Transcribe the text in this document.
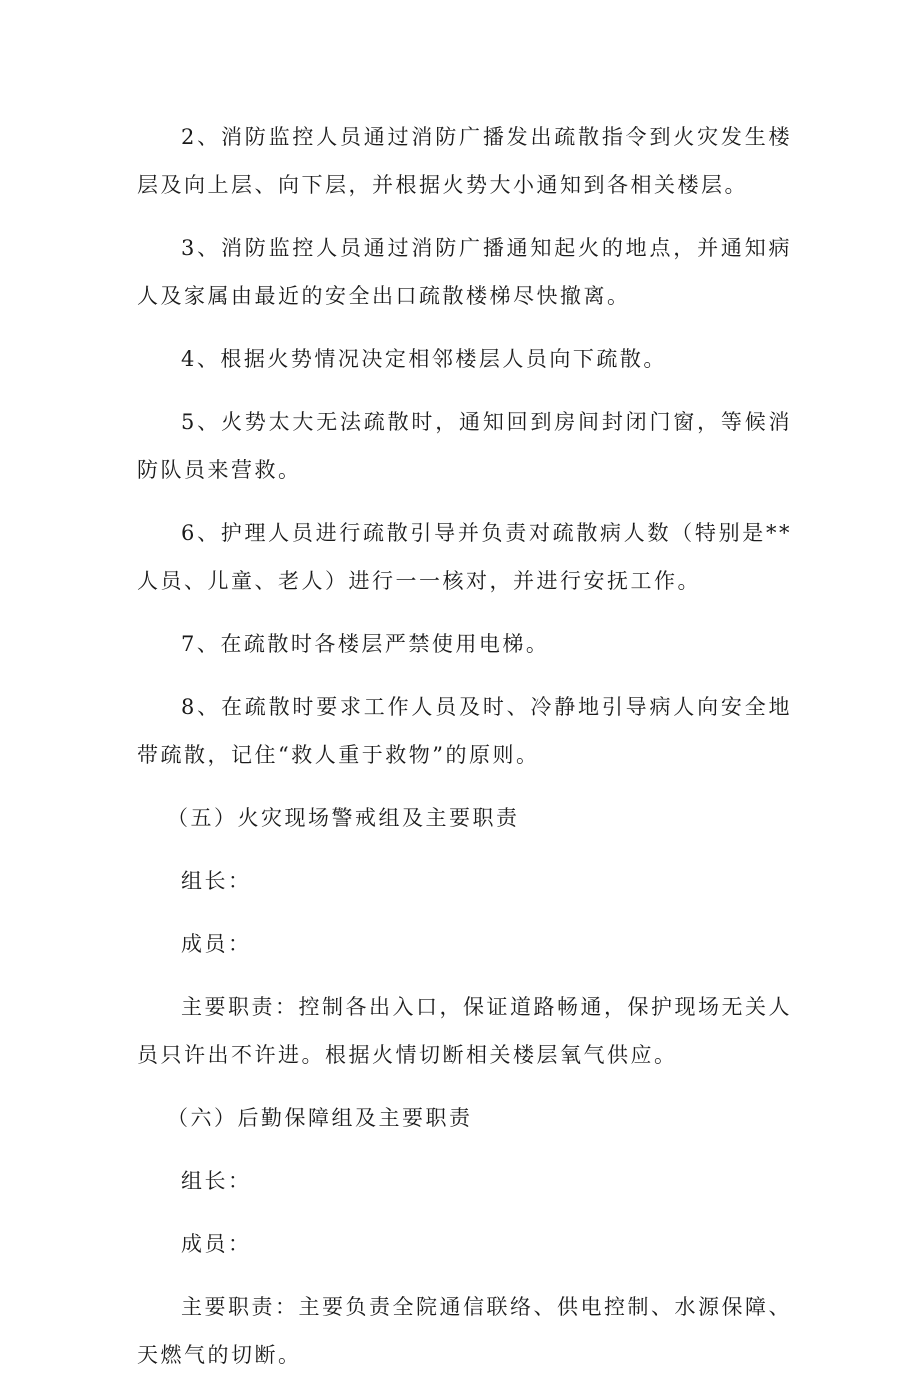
2、消防监控人员通过消防广播发出疏散指令到火灾发生楼层及向上层、向下层，并根据火势大小通知到各相关楼层。

3、消防监控人员通过消防广播通知起火的地点，并通知病人及家属由最近的安全出口疏散楼梯尽快撤离。

4、根据火势情况决定相邻楼层人员向下疏散。

5、火势太大无法疏散时，通知回到房间封闭门窗，等候消防队员来营救。

6、护理人员进行疏散引导并负责对疏散病人数（特别是**人员、儿童、老人）进行一一核对，并进行安抚工作。

7、在疏散时各楼层严禁使用电梯。

8、在疏散时要求工作人员及时、冷静地引导病人向安全地带疏散，记住“救人重于救物”的原则。

（五）火灾现场警戒组及主要职责

组长：

成员：

主要职责：控制各出入口，保证道路畅通，保护现场无关人员只许出不许进。根据火情切断相关楼层氧气供应。

（六）后勤保障组及主要职责

组长：

成员：

主要职责：主要负责全院通信联络、供电控制、水源保障、天燃气的切断。
